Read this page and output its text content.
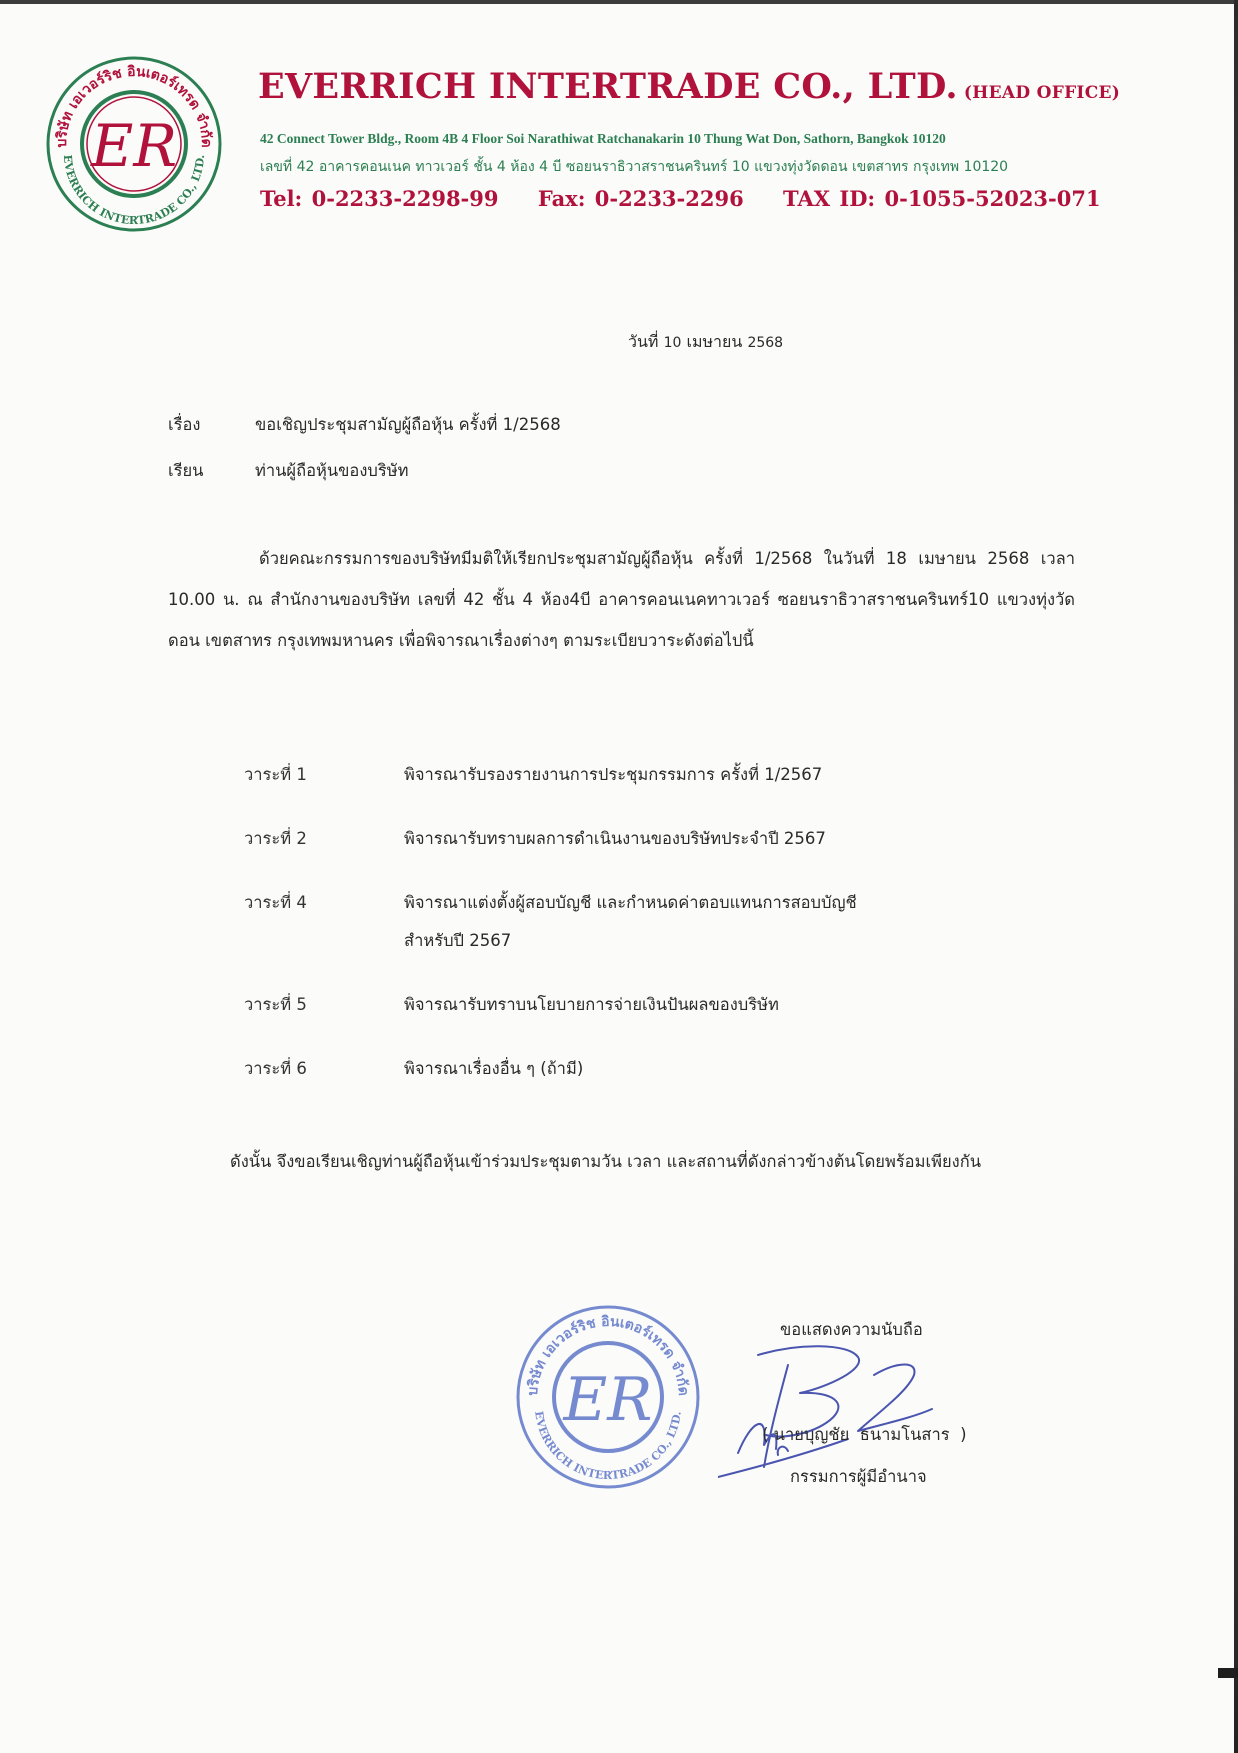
บริษัท เอเวอร์ริช อินเตอร์เทรด จำกัด
EVERRICH INTERTRADE CO., LTD.
ER
EVERRICH INTERTRADE CO., LTD. (HEAD OFFICE)
42 Connect Tower Bldg., Room 4B 4 Floor Soi Narathiwat Ratchanakarin 10 Thung Wat Don, Sathorn, Bangkok 10120
เลขที่ 42 อาคารคอนเนค ทาวเวอร์ ชั้น 4 ห้อง 4 บี ซอยนราธิวาสราชนครินทร์ 10 แขวงทุ่งวัดดอน เขตสาทร กรุงเทพ 10120
Tel: 0-2233-2298-99 Fax: 0-2233-2296 TAX ID: 0-1055-52023-071
วันที่ 10 เมษายน 2568
เรื่อง	ขอเชิญประชุมสามัญผู้ถือหุ้น ครั้งที่ 1/2568
เรียน	ท่านผู้ถือหุ้นของบริษัท

ด้วยคณะกรรมการของบริษัทมีมติให้เรียกประชุมสามัญผู้ถือหุ้น ครั้งที่ 1/2568 ในวันที่ 18 เมษายน 2568 เวลา 10.00 น. ณ สำนักงานของบริษัท เลขที่ 42 ชั้น 4 ห้อง4บี อาคารคอนเนคทาวเวอร์ ซอยนราธิวาสราชนครินทร์10 แขวงทุ่งวัดดอน เขตสาทร กรุงเทพมหานคร เพื่อพิจารณาเรื่องต่างๆ ตามระเบียบวาระดังต่อไปนี้

วาระที่ 1	พิจารณารับรองรายงานการประชุมกรรมการ ครั้งที่ 1/2567
วาระที่ 2	พิจารณารับทราบผลการดำเนินงานของบริษัทประจำปี 2567
วาระที่ 4	พิจารณาแต่งตั้งผู้สอบบัญชี และกำหนดค่าตอบแทนการสอบบัญชี
สำหรับปี 2567
วาระที่ 5	พิจารณารับทราบนโยบายการจ่ายเงินปันผลของบริษัท
วาระที่ 6	พิจารณาเรื่องอื่น ๆ (ถ้ามี)

ดังนั้น จึงขอเรียนเชิญท่านผู้ถือหุ้นเข้าร่วมประชุมตามวัน เวลา และสถานที่ดังกล่าวข้างต้นโดยพร้อมเพียงกัน

บริษัท เอเวอร์ริช อินเตอร์เทรด จำกัด
EVERRICH INTERTRADE CO., LTD.
ER
ขอแสดงความนับถือ
( นายบุญชัย  ธนามโนสาร  )
กรรมการผู้มีอำนาจ
